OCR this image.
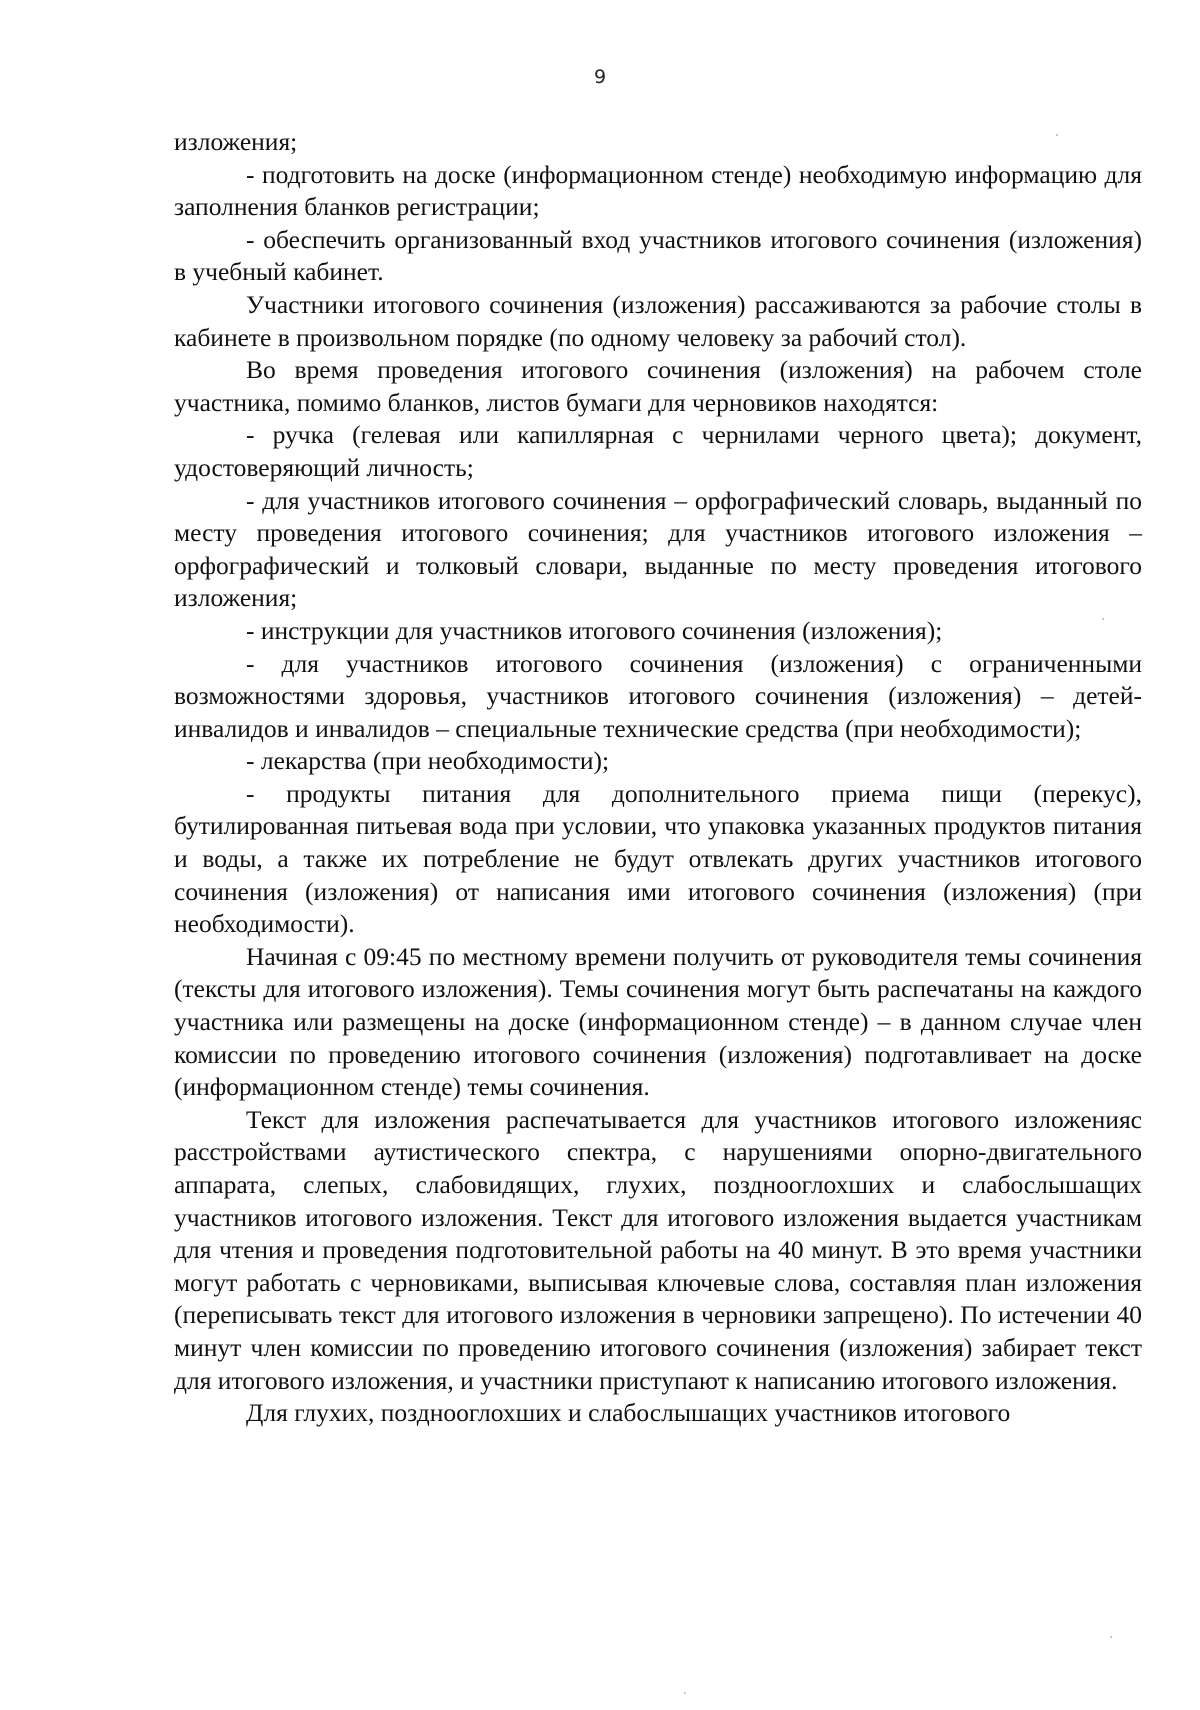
9

изложения;

- подготовить на доске (информационном стенде) необходимую информацию для заполнения бланков регистрации;

- обеспечить организованный вход участников итогового сочинения (изложения) в учебный кабинет.

Участники итогового сочинения (изложения) рассаживаются за рабочие столы в кабинете в произвольном порядке (по одному человеку за рабочий стол).

Во время проведения итогового сочинения (изложения) на рабочем столе участника, помимо бланков, листов бумаги для черновиков находятся:

- ручка (гелевая или капиллярная с чернилами черного цвета); документ, удостоверяющий личность;

- для участников итогового сочинения – орфографический словарь, выданный по месту проведения итогового сочинения; для участников итогового изложения – орфографический и толковый словари, выданные по месту проведения итогового изложения;

- инструкции для участников итогового сочинения (изложения);

- для участников итогового сочинения (изложения) с ограниченными возможностями здоровья, участников итогового сочинения (изложения) – детей-инвалидов и инвалидов – специальные технические средства (при необходимости);

- лекарства (при необходимости);

- продукты питания для дополнительного приема пищи (перекус), бутилированная питьевая вода при условии, что упаковка указанных продуктов питания и воды, а также их потребление не будут отвлекать других участников итогового сочинения (изложения) от написания ими итогового сочинения (изложения) (при необходимости).

Начиная с 09:45 по местному времени получить от руководителя темы сочинения (тексты для итогового изложения). Темы сочинения могут быть распечатаны на каждого участника или размещены на доске (информационном стенде) – в данном случае член комиссии по проведению итогового сочинения (изложения) подготавливает на доске (информационном стенде) темы сочинения.

Текст для изложения распечатывается для участников итогового изложенияс расстройствами аутистического спектра, с нарушениями опорно-двигательного аппарата, слепых, слабовидящих, глухих, позднооглохших и слабослышащих участников итогового изложения. Текст для итогового изложения выдается участникам для чтения и проведения подготовительной работы на 40 минут. В это время участники могут работать с черновиками, выписывая ключевые слова, составляя план изложения (переписывать текст для итогового изложения в черновики запрещено). По истечении 40 минут член комиссии по проведению итогового сочинения (изложения) забирает текст для итогового изложения, и участники приступают к написанию итогового изложения.

Для глухих, позднооглохших и слабослышащих участников итогового
